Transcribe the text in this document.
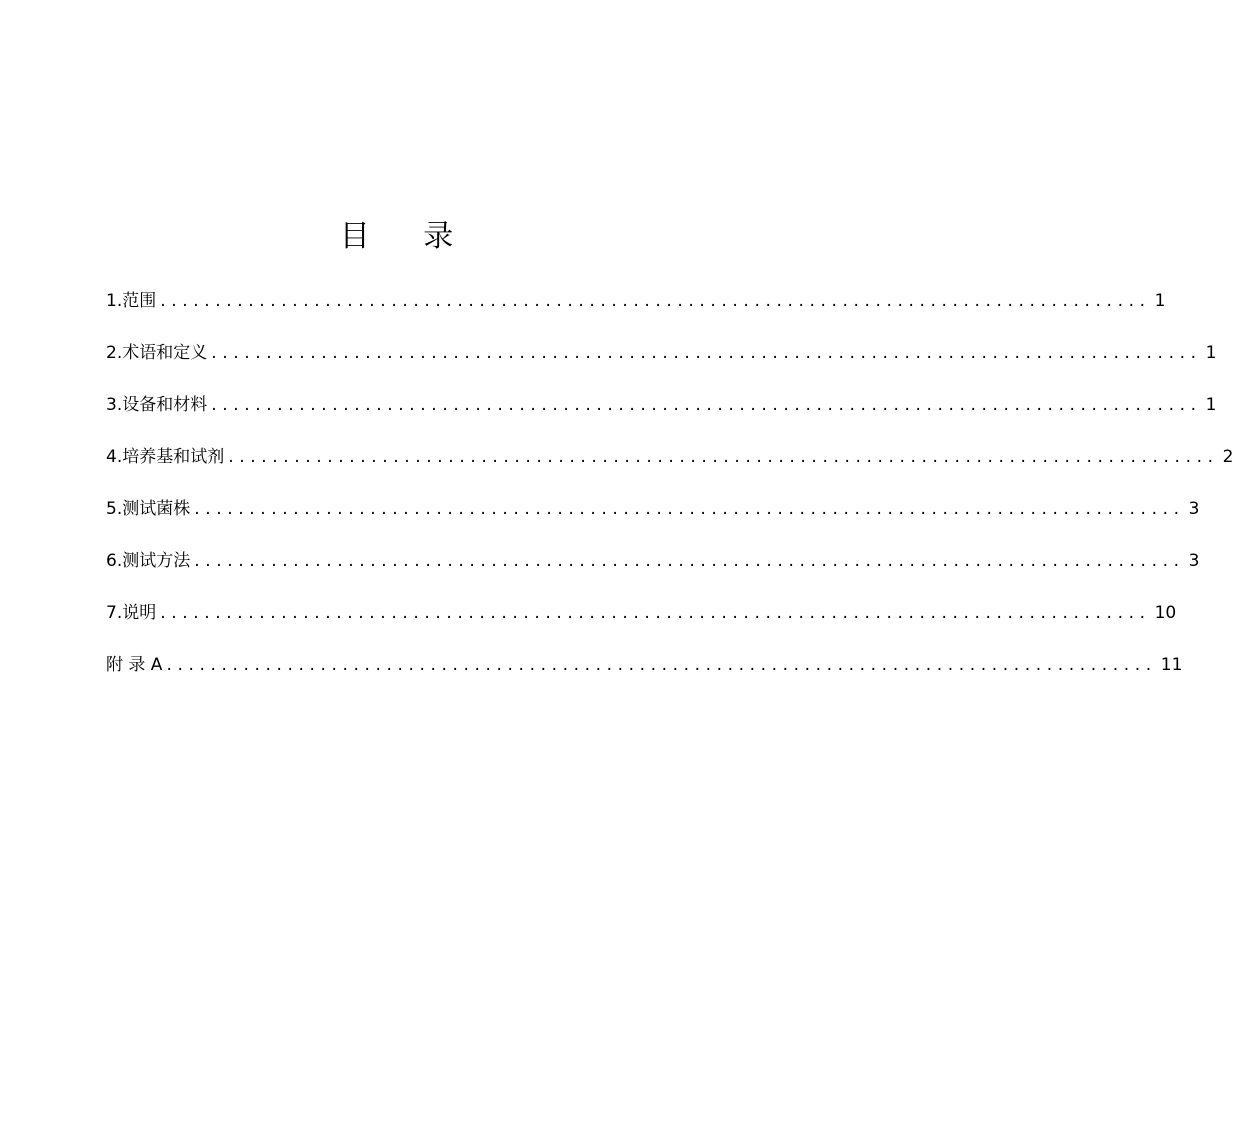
目 录
1.范围 .......................................................................................... 1
2.术语和定义 .......................................................................................... 1
3.设备和材料 .......................................................................................... 1
4.培养基和试剂 .......................................................................................... 2
5.测试菌株 .......................................................................................... 3
6.测试方法 .......................................................................................... 3
7.说明 .......................................................................................... 10
附 录 A .......................................................................................... 11
